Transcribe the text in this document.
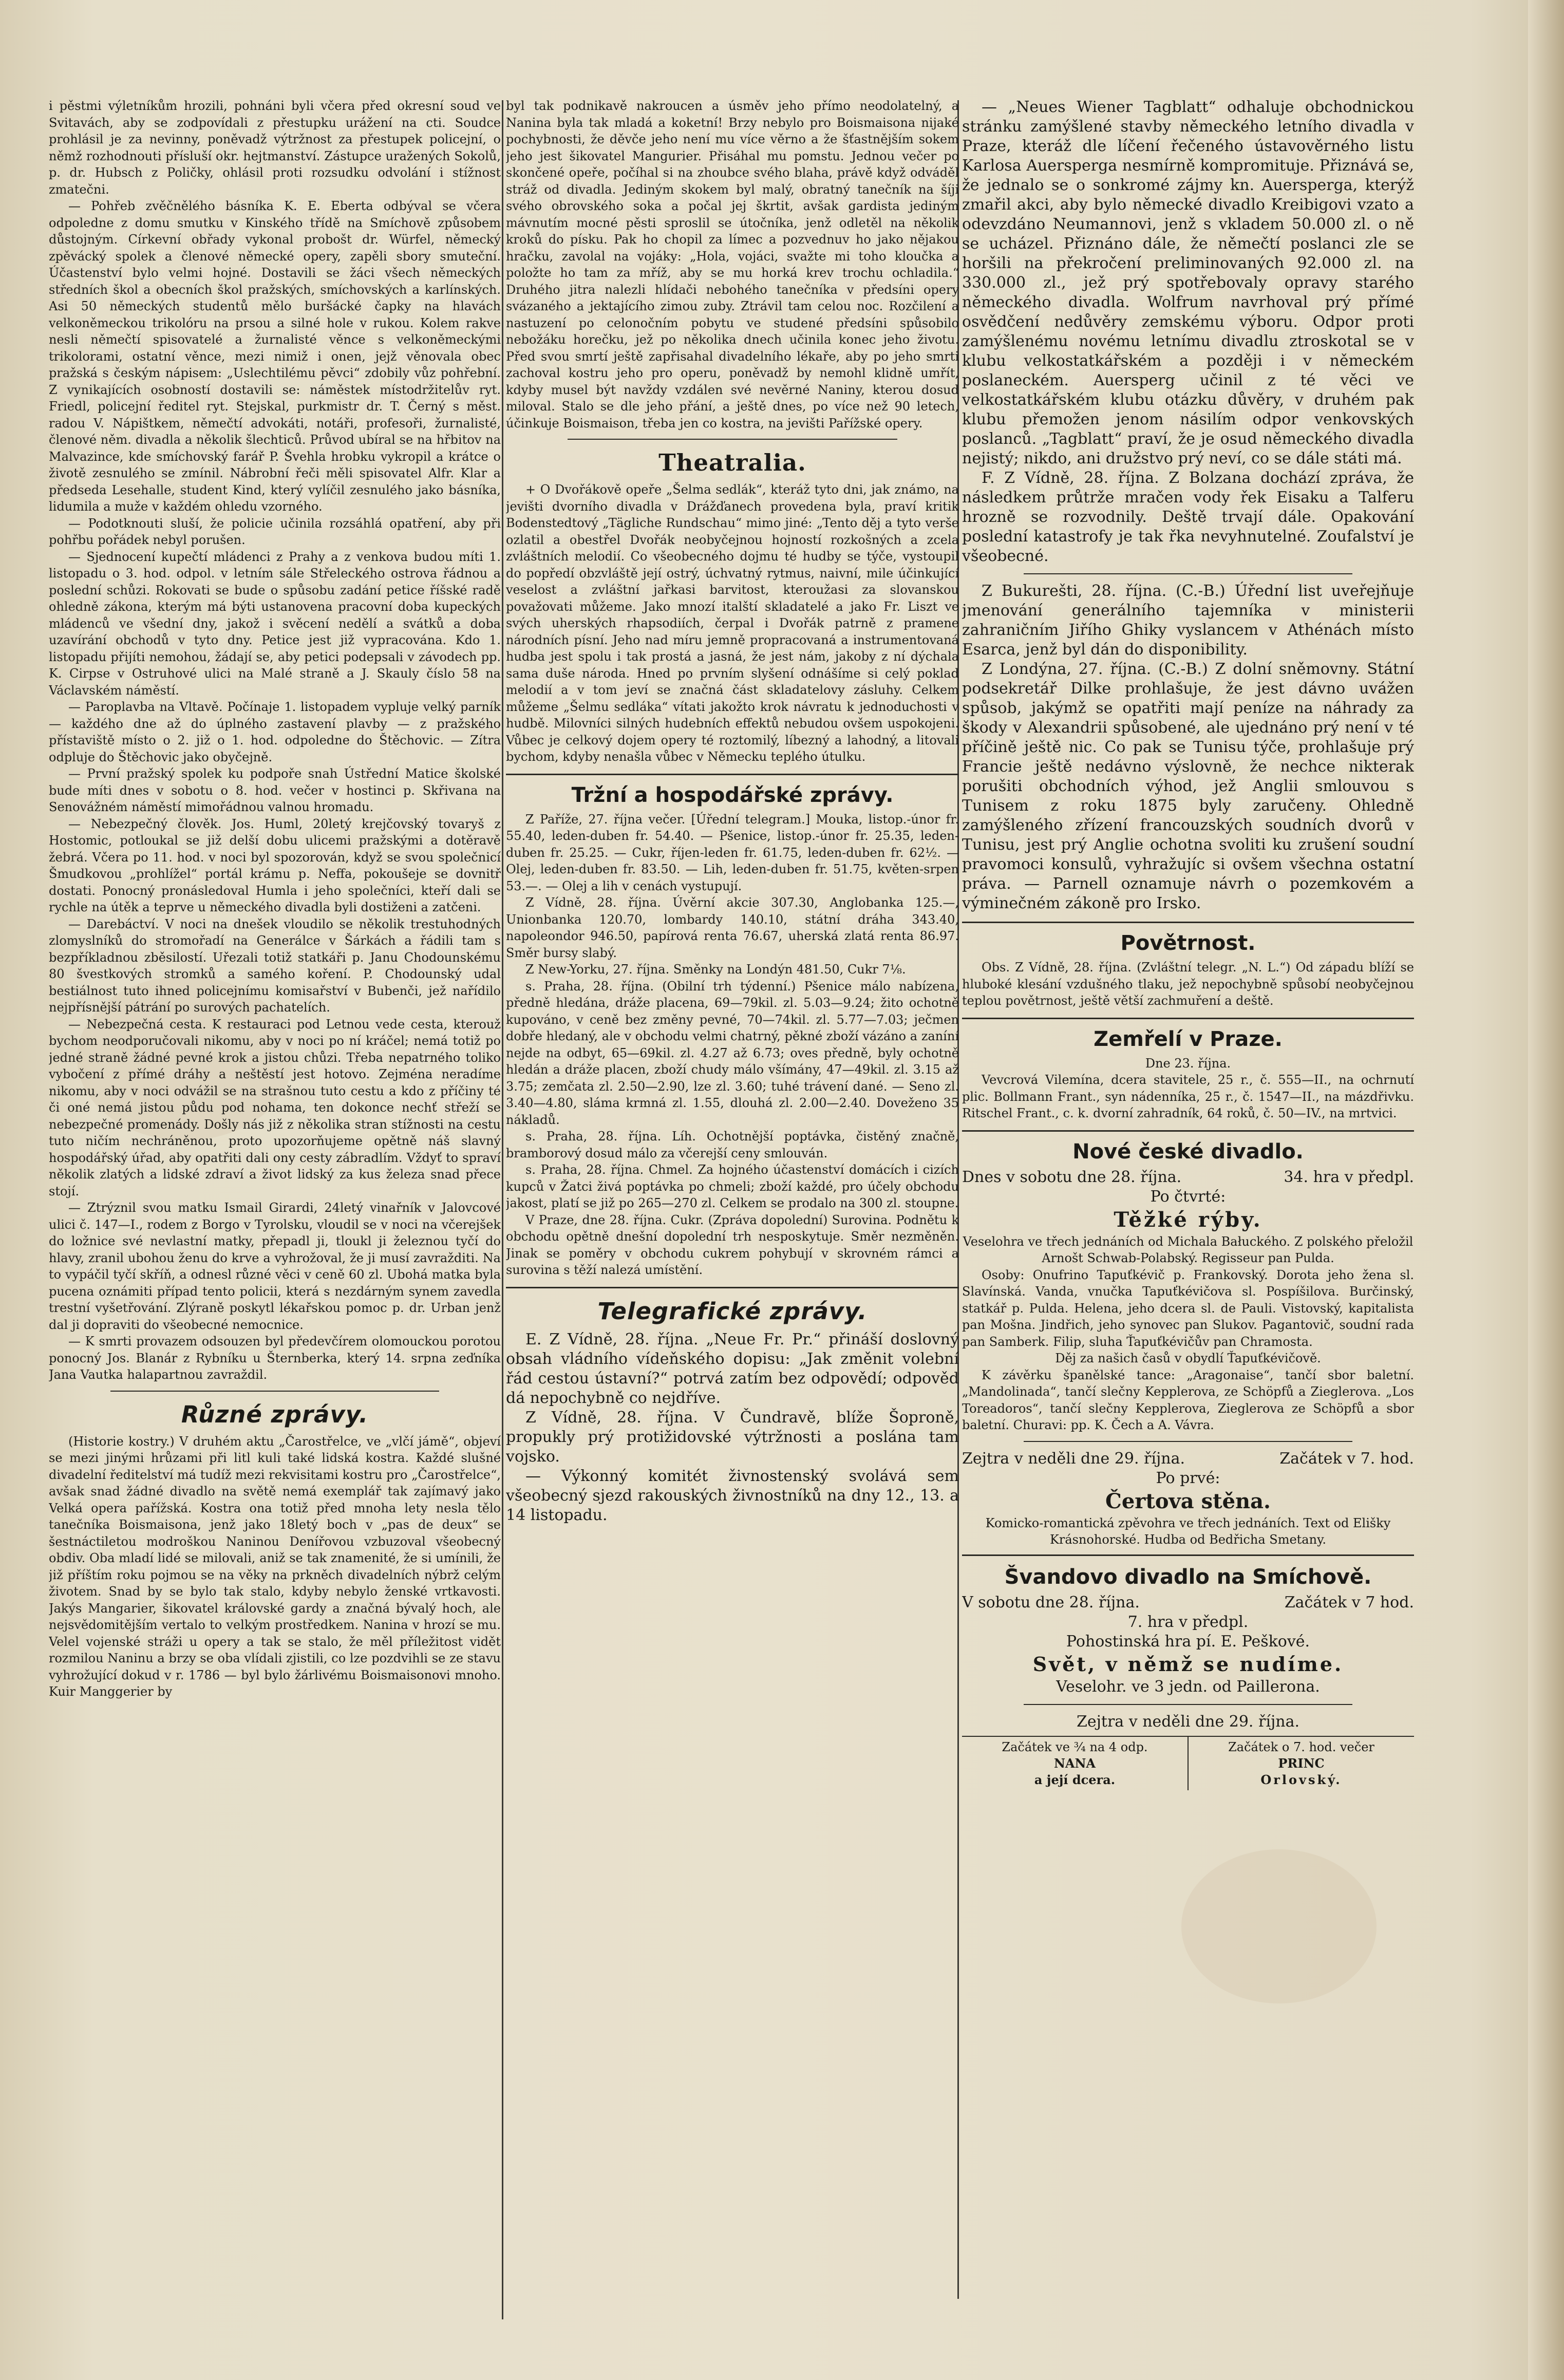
i pěstmi výletníkům hrozili, pohnáni byli včera před okresní soud ve Svitavách, aby se zodpovídali z přestupku urážení na cti. Soudce prohlásil je za nevinny, poněvadž výtržnost za přestupek policejní, o němž rozhodnouti přísluší okr. hejtmanství. Zástupce uražených Sokolů, p. dr. Hubsch z Poličky, ohlásil proti rozsudku odvolání i stížnost zmatečni.

— Pohřeb zvěčnělého básníka K. E. Eberta odbýval se včera odpoledne z domu smutku v Kinského třídě na Smíchově způsobem důstojným. Církevní obřady vykonal probošt dr. Würfel, německý zpěvácký spolek a členové německé opery, zapěli sbory smuteční. Účastenství bylo velmi hojné. Dostavili se žáci všech německých středních škol a obecních škol pražských, smíchovských a karlínských. Asi 50 německých studentů mělo buršácké čapky na hlavách velkoněmeckou trikolóru na prsou a silné hole v rukou. Kolem rakve nesli němečtí spisovatelé a žurnalisté věnce s velkoněmeckými trikolorami, ostatní věnce, mezi nimiž i onen, jejž věnovala obec pražská s českým nápisem: „Uslechtilému pěvci“ zdobily vůz pohřební. Z vynikajících osobností dostavili se: náměstek místodržitelův ryt. Friedl, policejní ředitel ryt. Stejskal, purkmistr dr. T. Černý s měst. radou V. Nápištkem, němečtí advokáti, notáři, profesoři, žurnalisté, členové něm. divadla a několik šlechticů. Průvod ubíral se na hřbitov na Malvazince, kde smíchovský farář P. Švehla hrobku vykropil a krátce o životě zesnulého se zmínil. Nábrobní řeči měli spisovatel Alfr. Klar a předseda Lesehalle, student Kind, který vylíčil zesnulého jako básníka, lidumila a muže v každém ohledu vzorného.

— Podotknouti sluší, že policie učinila rozsáhlá opatření, aby při pohřbu pořádek nebyl porušen.

— Sjednocení kupečtí mládenci z Prahy a z venkova budou míti 1. listopadu o 3. hod. odpol. v letním sále Střeleckého ostrova řádnou a poslední schůzi. Rokovati se bude o spůsobu zadání petice říšské radě ohledně zákona, kterým má býti ustanovena pracovní doba kupeckých mládenců ve všední dny, jakož i svěcení nedělí a svátků a doba uzavírání obchodů v tyto dny. Petice jest již vypracována. Kdo 1. listopadu přijíti nemohou, žádají se, aby petici podepsali v závodech pp. K. Cirpse v Ostruhové ulici na Malé straně a J. Skauly číslo 58 na Václavském náměstí.

— Paroplavba na Vltavě. Počínaje 1. listopadem vypluje velký parník — každého dne až do úplného zastavení plavby — z pražského přístaviště místo o 2. již o 1. hod. odpoledne do Štěchovic. — Zítra odpluje do Štěchovic jako obyčejně.

— První pražský spolek ku podpoře snah Ústřední Matice školské bude míti dnes v sobotu o 8. hod. večer v hostinci p. Skřivana na Senovážném náměstí mimořádnou valnou hromadu.

— Nebezpečný člověk. Jos. Huml, 20letý krejčovský tovaryš z Hostomic, potloukal se již delší dobu ulicemi pražskými a dotěravě žebrá. Včera po 11. hod. v noci byl spozorován, když se svou společnicí Šmudkovou „prohlížel“ portál krámu p. Neffa, pokoušeje se dovnitř dostati. Ponocný pronásledoval Humla i jeho společníci, kteří dali se rychle na útěk a teprve u německého divadla byli dostiženi a zatčeni.

— Darebáctví. V noci na dnešek vloudilo se několik trestuhodných zlomyslníků do stromořadí na Generálce v Šárkách a řádili tam s bezpříkladnou zběsilostí. Uřezali totiž statkáři p. Janu Chodounskému 80 švestkových stromků a samého koření. P. Chodounský udal bestiálnost tuto ihned policejnímu komisařství v Bubenči, jež nařídilo nejpřísnější pátrání po surových pachatelích.

— Nebezpečná cesta. K restauraci pod Letnou vede cesta, kterouž bychom neodporučovali nikomu, aby v noci po ní kráčel; nemá totiž po jedné straně žádné pevné krok a jistou chůzi. Třeba nepatrného toliko vybočení z přímé dráhy a neštěstí jest hotovo. Zejména neradíme nikomu, aby v noci odvážil se na strašnou tuto cestu a kdo z příčiny té či oné nemá jistou půdu pod nohama, ten dokonce nechť střeží se nebezpečné promenády. Došly nás již z několika stran stížnosti na cestu tuto ničím nechráněnou, proto upozorňujeme opětně náš slavný hospodářský úřad, aby opatřiti dali ony cesty zábradlím. Vždyť to spraví několik zlatých a lidské zdraví a život lidský za kus železa snad přece stojí.

— Ztrýznil svou matku Ismail Girardi, 24letý vinařník v Jalovcové ulici č. 147—I., rodem z Borgo v Tyrolsku, vloudil se v noci na včerejšek do ložnice své nevlastní matky, přepadl ji, tloukl ji železnou tyčí do hlavy, zranil ubohou ženu do krve a vyhrožoval, že ji musí zavražditi. Na to vypáčil tyčí skříň, a odnesl různé věci v ceně 60 zl. Ubohá matka byla pucena oznámiti případ tento policii, která s nezdárným synem zavedla trestní vyšetřování. Zlýraně poskytl lékařskou pomoc p. dr. Urban jenž dal ji dopraviti do všeobecné nemocnice.

— K smrti provazem odsouzen byl předevčírem olomouckou porotou ponocný Jos. Blanár z Rybníku u Šternberka, který 14. srpna zeďníka Jana Vautka halapartnou zavraždil.

Různé zprávy.

(Historie kostry.) V druhém aktu „Čarostřelce, ve „vlčí jámě“, objeví se mezi jinými hrůzami při litl kuli také lidská kostra. Každé slušné divadelní ředitelství má tudíž mezi rekvisitami kostru pro „Čarostřelce“, avšak snad žádné divadlo na světě nemá exemplář tak zajímavý jako Velká opera pařížská. Kostra ona totiž před mnoha lety nesla tělo tanečníka Boismaisona, jenž jako 18letý boch v „pas de deux“ se šestnáctiletou modroškou Naninou Denířovou vzbuzoval všeobecný obdiv. Oba mladí lidé se milovali, aniž se tak znamenité, že si umínili, že již příštím roku pojmou se na věky na prkněch divadelních nýbrž celým životem. Snad by se bylo tak stalo, kdyby nebylo ženské vrtkavosti. Jakýs Mangarier, šikovatel královské gardy a značná bývalý hoch, ale nejsvědomitějším vertalo to velkým prostředkem. Nanina v hrozí se mu. Velel vojenské stráži u opery a tak se stalo, že měl příležitost vidět rozmilou Naninu a brzy se oba vlídali zjistili, co lze pozdvihli se ze stavu vyhrožující dokud v r. 1786 — byl bylo žárlivému Boismaisonovi mnoho. Kuir Manggerier by

byl tak podnikavě nakroucen a úsměv jeho přímo neodolatelný, a Nanina byla tak mladá a koketní! Brzy nebylo pro Boismaisona nijaké pochybnosti, že děvče jeho není mu více věrno a že šťastnějším sokem jeho jest šikovatel Mangurier. Přisáhal mu pomstu. Jednou večer po skončené opeře, počíhal si na zhoubce svého blaha, právě když odváděl stráž od divadla. Jediným skokem byl malý, obratný tanečník na šíji svého obrovského soka a počal jej škrtit, avšak gardista jediným mávnutím mocné pěsti sproslil se útočníka, jenž odletěl na několik kroků do písku. Pak ho chopil za límec a pozvednuv ho jako nějakou hračku, zavolal na vojáky: „Hola, vojáci, svažte mi toho kloučka a položte ho tam za mříž, aby se mu horká krev trochu ochladila.“ Druhého jitra nalezli hlídači nebohého tanečníka v předsíni opery svázaného a jektajícího zimou zuby. Ztrávil tam celou noc. Rozčilení a nastuzení po celonočním pobytu ve studené předsíni spůsobilo nebožáku horečku, jež po několika dnech učinila konec jeho životu. Před svou smrtí ještě zapřisahal divadelního lékaře, aby po jeho smrti zachoval kostru jeho pro operu, poněvadž by nemohl klidně umřít, kdyby musel být navždy vzdálen své nevěrné Naniny, kterou dosud miloval. Stalo se dle jeho přání, a ještě dnes, po více než 90 letech, účinkuje Boismaison, třeba jen co kostra, na jevišti Pařížské opery.

Theatralia.

+ O Dvořákově opeře „Šelma sedlák“, kteráž tyto dni, jak známo, na jevišti dvorního divadla v Drážďanech provedena byla, praví kritik Bodenstedtový „Tägliche Rundschau“ mimo jiné: „Tento děj a tyto verše ozlatil a obestřel Dvořák neobyčejnou hojností rozkošných a zcela zvláštních melodií. Co všeobecného dojmu té hudby se týče, vystoupil do popředí obzvláště její ostrý, úchvatný rytmus, naivní, mile účinkující veselost a zvláštní jařkasi barvitost, kteroužasi za slovanskou považovati můžeme. Jako mnozí italští skladatelé a jako Fr. Liszt ve svých uherských rhapsodiích, čerpal i Dvořák patrně z pramene národních písní. Jeho nad míru jemně propracovaná a instrumentovaná hudba jest spolu i tak prostá a jasná, že jest nám, jakoby z ní dýchala sama duše národa. Hned po prvním slyšení odnášíme si celý poklad melodií a v tom jeví se značná část skladatelovy zásluhy. Celkem můžeme „Šelmu sedláka“ vítati jakožto krok návratu k jednoduchosti v hudbě. Milovníci silných hudebních effektů nebudou ovšem uspokojeni. Vůbec je celkový dojem opery té roztomilý, líbezný a lahodný, a litovali bychom, kdyby nenašla vůbec v Německu teplého útulku.

Tržní a hospodářské zprávy.

Z Paříže, 27. října večer. [Úřední telegram.] Mouka, listop.-únor fr. 55.40, leden-duben fr. 54.40. — Pšenice, listop.-únor fr. 25.35, leden-duben fr. 25.25. — Cukr, říjen-leden fr. 61.75, leden-duben fr. 62½. — Olej, leden-duben fr. 83.50. — Lih, leden-duben fr. 51.75, květen-srpen 53.—. — Olej a lih v cenách vystupují.

Z Vídně, 28. října. Úvěrní akcie 307.30, Anglobanka 125.—, Unionbanka 120.70, lombardy 140.10, státní dráha 343.40, napoleondor 946.50, papírová renta 76.67, uherská zlatá renta 86.97. Směr bursy slabý.

Z New-Yorku, 27. října. Směnky na Londýn 481.50, Cukr 7⅛.

s. Praha, 28. října. (Obilní trh týdenní.) Pšenice málo nabízena, předně hledána, dráže placena, 69—79kil. zl. 5.03—9.24; žito ochotně kupováno, v ceně bez změny pevné, 70—74kil. zl. 5.77—7.03; ječmen dobře hledaný, ale v obchodu velmi chatrný, pěkné zboží vázáno a zaníní nejde na odbyt, 65—69kil. zl. 4.27 až 6.73; oves předně, byly ochotně hledán a dráže placen, zboží chudy málo všímány, 47—49kil. zl. 3.15 až 3.75; zemčata zl. 2.50—2.90, lze zl. 3.60; tuhé trávení dané. — Seno zl. 3.40—4.80, sláma krmná zl. 1.55, dlouhá zl. 2.00—2.40. Doveženo 35 nákladů.

s. Praha, 28. října. Líh. Ochotnější poptávka, čistěný značně, bramborový dosud málo za včerejší ceny smlouván.

s. Praha, 28. října. Chmel. Za hojného účastenství domácích i cizích kupců v Žatci živá poptávka po chmeli; zboží každé, pro účely obchodu jakost, platí se již po 265—270 zl. Celkem se prodalo na 300 zl. stoupne.

V Praze, dne 28. října. Cukr. (Zpráva dopolední) Surovina. Podnětu k obchodu opětně dnešní dopolední trh nesposkytuje. Směr nezměněn. Jinak se poměry v obchodu cukrem pohybují v skrovném rámci a surovina s těží nalezá umístění.

Telegrafické zprávy.

E. Z Vídně, 28. října. „Neue Fr. Pr.“ přináší doslovný obsah vládního vídeňského dopisu: „Jak změnit volební řád cestou ústavní?“ potrvá zatím bez odpovědí; odpověď dá nepochybně co nejdříve.

Z Vídně, 28. října. V Čundravě, blíže Šoproně, propukly prý protižidovské výtržnosti a poslána tam vojsko.

— Výkonný komitét živnostenský svolává sem všeobecný sjezd rakouských živnostníků na dny 12., 13. a 14 listopadu.

— „Neues Wiener Tagblatt“ odhaluje obchodnickou stránku zamýšlené stavby německého letního divadla v Praze, kteráž dle líčení řečeného ústavověrného listu Karlosa Auersperga nesmírně kompromituje. Přiznává se, že jednalo se o sonkromé zájmy kn. Auersperga, kterýž zmařil akci, aby bylo německé divadlo Kreibigovi vzato a odevzdáno Neumannovi, jenž s vkladem 50.000 zl. o ně se ucházel. Přiznáno dále, že němečtí poslanci zle se horšili na překročení preliminovaných 92.000 zl. na 330.000 zl., jež prý spotřebovaly opravy starého německého divadla. Wolfrum navrhoval prý přímé osvědčení nedůvěry zemskému výboru. Odpor proti zamýšlenému novému letnímu divadlu ztroskotal se v klubu velkostatkářském a později i v německém poslaneckém. Auersperg učinil z té věci ve velkostatkářském klubu otázku důvěry, v druhém pak klubu přemožen jenom násilím odpor venkovských poslanců. „Tagblatt“ praví, že je osud německého divadla nejistý; nikdo, ani družstvo prý neví, co se dále státi má.

F. Z Vídně, 28. října. Z Bolzana dochází zpráva, že následkem průtrže mračen vody řek Eisaku a Talferu hrozně se rozvodnily. Deště trvají dále. Opakování poslední katastrofy je tak řka nevyhnutelné. Zoufalství je všeobecné.

Z Bukurešti, 28. října. (C.-B.) Úřední list uveřejňuje jmenování generálního tajemníka v ministerii zahraničním Jiřího Ghiky vyslancem v Athénách místo Esarca, jenž byl dán do disponibility.

Z Londýna, 27. října. (C.-B.) Z dolní sněmovny. Státní podsekretář Dilke prohlašuje, že jest dávno uvážen spůsob, jakýmž se opatřiti mají peníze na náhrady za škody v Alexandrii spůsobené, ale ujednáno prý není v té příčině ještě nic. Co pak se Tunisu týče, prohlašuje prý Francie ještě nedávno výslovně, že nechce nikterak porušiti obchodních výhod, jež Anglii smlouvou s Tunisem z roku 1875 byly zaručeny. Ohledně zamýšleného zřízení francouzských soudních dvorů v Tunisu, jest prý Anglie ochotna svoliti ku zrušení soudní pravomoci konsulů, vyhražujíc si ovšem všechna ostatní práva. — Parnell oznamuje návrh o pozemkovém a výminečném zákoně pro Irsko.

Povětrnost.

Obs. Z Vídně, 28. října. (Zvláštní telegr. „N. L.“) Od západu blíží se hluboké klesání vzdušného tlaku, jež nepochybně spůsobí neobyčejnou teplou povětrnost, ještě větší zachmuření a deště.

Zemřelí v Praze.

Dne 23. října.

Vevcrová Vilemína, dcera stavitele, 25 r., č. 555—II., na ochrnutí plic. Bollmann Frant., syn nádenníka, 25 r., č. 1547—II., na mázdřivku. Ritschel Frant., c. k. dvorní zahradník, 64 roků, č. 50—IV., na mrtvici.

Nové české divadlo.

Dnes v sobotu dne 28. října.	34. hra v předpl.

Po čtvrté:

Těžké rýby.

Veselohra ve třech jednáních od Michala Bałuckého. Z polského přeložil Arnošt Schwab-Polabský. Regisseur pan Pulda.

Osoby: Onufrino Tapuťkévič p. Frankovský. Dorota jeho žena sl. Slavínská. Vanda, vnučka Tapuťkévičova sl. Pospíšilova. Burčinský, statkář p. Pulda. Helena, jeho dcera sl. de Pauli. Vistovský, kapitalista pan Mošna. Jindřich, jeho synovec pan Slukov. Pagantovič, soudní rada pan Samberk. Filip, sluha Ťapuťkévičův pan Chramosta.

Děj za našich časů v obydlí Ťapuťkévičově.

K závěrku španělské tance: „Aragonaise“, tančí sbor baletní. „Mandolinada“, tančí slečny Kepplerova, ze Schöpfů a Zieglerova. „Los Toreadoros“, tančí slečny Kepplerova, Zieglerova ze Schöpfů a sbor baletní. Churavi: pp. K. Čech a A. Vávra.

Zejtra v neděli dne 29. října.	Začátek v 7. hod.

Po prvé:

Čertova stěna.

Komicko-romantická zpěvohra ve třech jednáních. Text od Elišky Krásnohorské. Hudba od Bedřicha Smetany.

Švandovo divadlo na Smíchově.

V sobotu dne 28. října.	Začátek v 7 hod.

7. hra v předpl.

Pohostinská hra pí. E. Peškové.

Svět, v němž se nudíme.

Veselohr. ve 3 jedn. od Paillerona.

Zejtra v neděli dne 29. října.

Začátek ve ¾ na 4 odp.

NANA

a její dcera.

Začátek o 7. hod. večer

PRINC

Orlovský.
